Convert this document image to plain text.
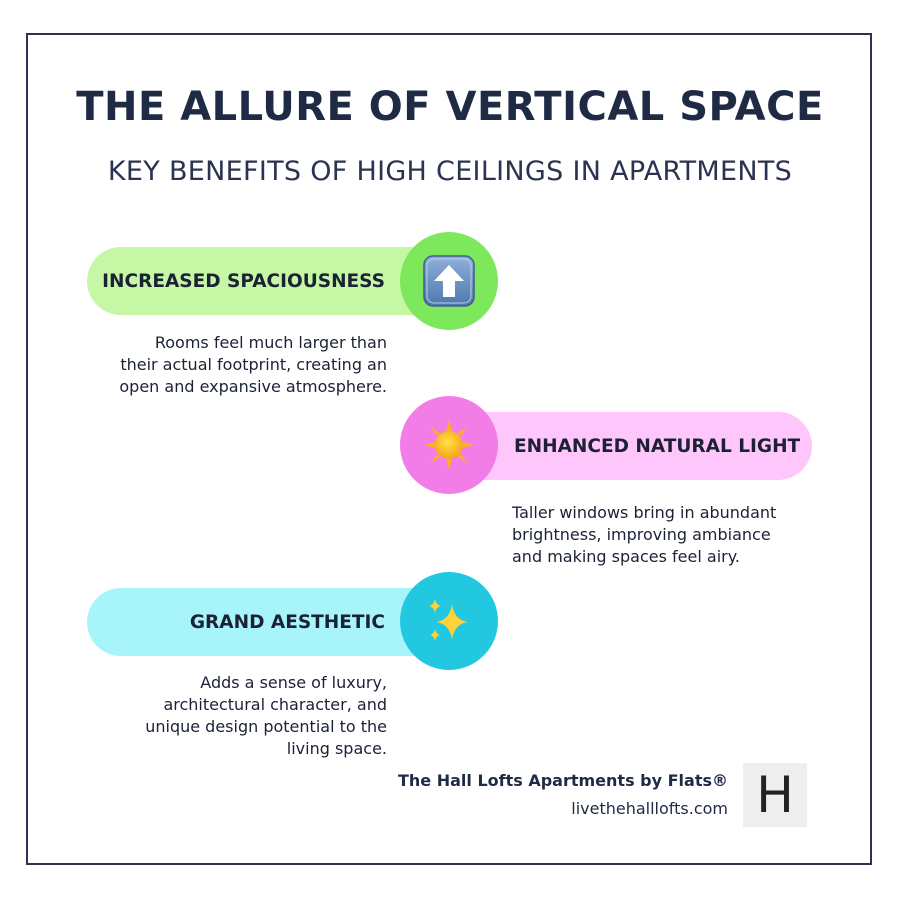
THE ALLURE OF VERTICAL SPACE
KEY BENEFITS OF HIGH CEILINGS IN APARTMENTS
INCREASED SPACIOUSNESS
Rooms feel much larger than
their actual footprint, creating an
open and expansive atmosphere.
ENHANCED NATURAL LIGHT
Taller windows bring in abundant
brightness, improving ambiance
and making spaces feel airy.
GRAND AESTHETIC
Adds a sense of luxury,
architectural character, and
unique design potential to the
living space.
The Hall Lofts Apartments by Flats®
livethehalllofts.com H
